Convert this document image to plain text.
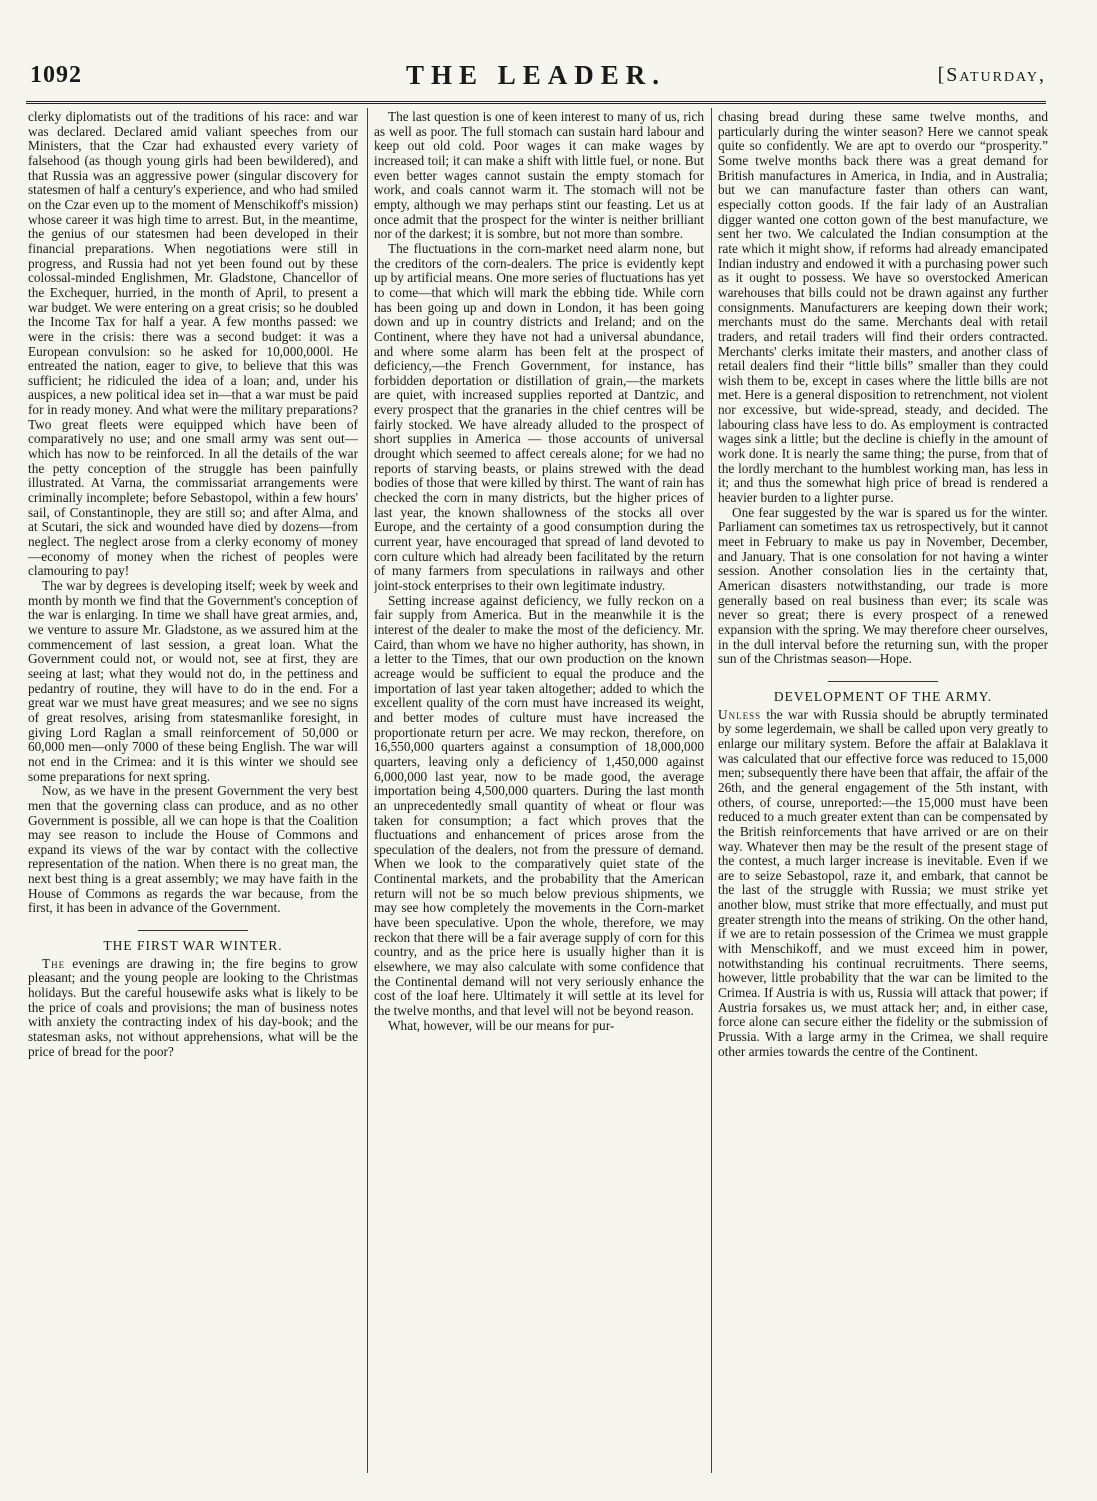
1092	THE LEADER.	[Saturday,

clerky diplomatists out of the traditions of his race: and war was declared. Declared amid valiant speeches from our Ministers, that the Czar had exhausted every variety of falsehood (as though young girls had been bewildered), and that Russia was an aggressive power (singular discovery for statesmen of half a century's experience, and who had smiled on the Czar even up to the moment of Menschikoff's mission) whose career it was high time to arrest. But, in the meantime, the genius of our statesmen had been developed in their financial preparations. When negotiations were still in progress, and Russia had not yet been found out by these colossal-minded Englishmen, Mr. Gladstone, Chancellor of the Exchequer, hurried, in the month of April, to present a war budget. We were entering on a great crisis; so he doubled the Income Tax for half a year. A few months passed: we were in the crisis: there was a second budget: it was a European convulsion: so he asked for 10,000,000l. He entreated the nation, eager to give, to believe that this was sufficient; he ridiculed the idea of a loan; and, under his auspices, a new political idea set in—that a war must be paid for in ready money. And what were the military preparations? Two great fleets were equipped which have been of comparatively no use; and one small army was sent out—which has now to be reinforced. In all the details of the war the petty conception of the struggle has been painfully illustrated. At Varna, the commissariat arrangements were criminally incomplete; before Sebastopol, within a few hours' sail, of Constantinople, they are still so; and after Alma, and at Scutari, the sick and wounded have died by dozens—from neglect. The neglect arose from a clerky economy of money—economy of money when the richest of peoples were clamouring to pay!

The war by degrees is developing itself; week by week and month by month we find that the Government's conception of the war is enlarging. In time we shall have great armies, and, we venture to assure Mr. Gladstone, as we assured him at the commencement of last session, a great loan. What the Government could not, or would not, see at first, they are seeing at last; what they would not do, in the pettiness and pedantry of routine, they will have to do in the end. For a great war we must have great measures; and we see no signs of great resolves, arising from statesmanlike foresight, in giving Lord Raglan a small reinforcement of 50,000 or 60,000 men—only 7000 of these being English. The war will not end in the Crimea: and it is this winter we should see some preparations for next spring.

Now, as we have in the present Government the very best men that the governing class can produce, and as no other Government is possible, all we can hope is that the Coalition may see reason to include the House of Commons and expand its views of the war by contact with the collective representation of the nation. When there is no great man, the next best thing is a great assembly; we may have faith in the House of Commons as regards the war because, from the first, it has been in advance of the Government.

THE FIRST WAR WINTER.

The evenings are drawing in; the fire begins to grow pleasant; and the young people are looking to the Christmas holidays. But the careful housewife asks what is likely to be the price of coals and provisions; the man of business notes with anxiety the contracting index of his day-book; and the statesman asks, not without apprehensions, what will be the price of bread for the poor?

The last question is one of keen interest to many of us, rich as well as poor. The full stomach can sustain hard labour and keep out old cold. Poor wages it can make wages by increased toil; it can make a shift with little fuel, or none. But even better wages cannot sustain the empty stomach for work, and coals cannot warm it. The stomach will not be empty, although we may perhaps stint our feasting. Let us at once admit that the prospect for the winter is neither brilliant nor of the darkest; it is sombre, but not more than sombre.

The fluctuations in the corn-market need alarm none, but the creditors of the corn-dealers. The price is evidently kept up by artificial means. One more series of fluctuations has yet to come—that which will mark the ebbing tide. While corn has been going up and down in London, it has been going down and up in country districts and Ireland; and on the Continent, where they have not had a universal abundance, and where some alarm has been felt at the prospect of deficiency,—the French Government, for instance, has forbidden deportation or distillation of grain,—the markets are quiet, with increased supplies reported at Dantzic, and every prospect that the granaries in the chief centres will be fairly stocked. We have already alluded to the prospect of short supplies in America — those accounts of universal drought which seemed to affect cereals alone; for we had no reports of starving beasts, or plains strewed with the dead bodies of those that were killed by thirst. The want of rain has checked the corn in many districts, but the higher prices of last year, the known shallowness of the stocks all over Europe, and the certainty of a good consumption during the current year, have encouraged that spread of land devoted to corn culture which had already been facilitated by the return of many farmers from speculations in railways and other joint-stock enterprises to their own legitimate industry.

Setting increase against deficiency, we fully reckon on a fair supply from America. But in the meanwhile it is the interest of the dealer to make the most of the deficiency. Mr. Caird, than whom we have no higher authority, has shown, in a letter to the Times, that our own production on the known acreage would be sufficient to equal the produce and the importation of last year taken altogether; added to which the excellent quality of the corn must have increased its weight, and better modes of culture must have increased the proportionate return per acre. We may reckon, therefore, on 16,550,000 quarters against a consumption of 18,000,000 quarters, leaving only a deficiency of 1,450,000 against 6,000,000 last year, now to be made good, the average importation being 4,500,000 quarters. During the last month an unprecedentedly small quantity of wheat or flour was taken for consumption; a fact which proves that the fluctuations and enhancement of prices arose from the speculation of the dealers, not from the pressure of demand. When we look to the comparatively quiet state of the Continental markets, and the probability that the American return will not be so much below previous shipments, we may see how completely the movements in the Corn-market have been speculative. Upon the whole, therefore, we may reckon that there will be a fair average supply of corn for this country, and as the price here is usually higher than it is elsewhere, we may also calculate with some confidence that the Continental demand will not very seriously enhance the cost of the loaf here. Ultimately it will settle at its level for the twelve months, and that level will not be beyond reason.

What, however, will be our means for pur-

chasing bread during these same twelve months, and particularly during the winter season? Here we cannot speak quite so confidently. We are apt to overdo our “prosperity.” Some twelve months back there was a great demand for British manufactures in America, in India, and in Australia; but we can manufacture faster than others can want, especially cotton goods. If the fair lady of an Australian digger wanted one cotton gown of the best manufacture, we sent her two. We calculated the Indian consumption at the rate which it might show, if reforms had already emancipated Indian industry and endowed it with a purchasing power such as it ought to possess. We have so overstocked American warehouses that bills could not be drawn against any further consignments. Manufacturers are keeping down their work; merchants must do the same. Merchants deal with retail traders, and retail traders will find their orders contracted. Merchants' clerks imitate their masters, and another class of retail dealers find their “little bills” smaller than they could wish them to be, except in cases where the little bills are not met. Here is a general disposition to retrenchment, not violent nor excessive, but wide-spread, steady, and decided. The labouring class have less to do. As employment is contracted wages sink a little; but the decline is chiefly in the amount of work done. It is nearly the same thing; the purse, from that of the lordly merchant to the humblest working man, has less in it; and thus the somewhat high price of bread is rendered a heavier burden to a lighter purse.

One fear suggested by the war is spared us for the winter. Parliament can sometimes tax us retrospectively, but it cannot meet in February to make us pay in November, December, and January. That is one consolation for not having a winter session. Another consolation lies in the certainty that, American disasters notwithstanding, our trade is more generally based on real business than ever; its scale was never so great; there is every prospect of a renewed expansion with the spring. We may therefore cheer ourselves, in the dull interval before the returning sun, with the proper sun of the Christmas season—Hope.

DEVELOPMENT OF THE ARMY.

Unless the war with Russia should be abruptly terminated by some legerdemain, we shall be called upon very greatly to enlarge our military system. Before the affair at Balaklava it was calculated that our effective force was reduced to 15,000 men; subsequently there have been that affair, the affair of the 26th, and the general engagement of the 5th instant, with others, of course, unreported:—the 15,000 must have been reduced to a much greater extent than can be compensated by the British reinforcements that have arrived or are on their way. Whatever then may be the result of the present stage of the contest, a much larger increase is inevitable. Even if we are to seize Sebastopol, raze it, and embark, that cannot be the last of the struggle with Russia; we must strike yet another blow, must strike that more effectually, and must put greater strength into the means of striking. On the other hand, if we are to retain possession of the Crimea we must grapple with Menschikoff, and we must exceed him in power, notwithstanding his continual recruitments. There seems, however, little probability that the war can be limited to the Crimea. If Austria is with us, Russia will attack that power; if Austria forsakes us, we must attack her; and, in either case, force alone can secure either the fidelity or the submission of Prussia. With a large army in the Crimea, we shall require other armies towards the centre of the Continent.
